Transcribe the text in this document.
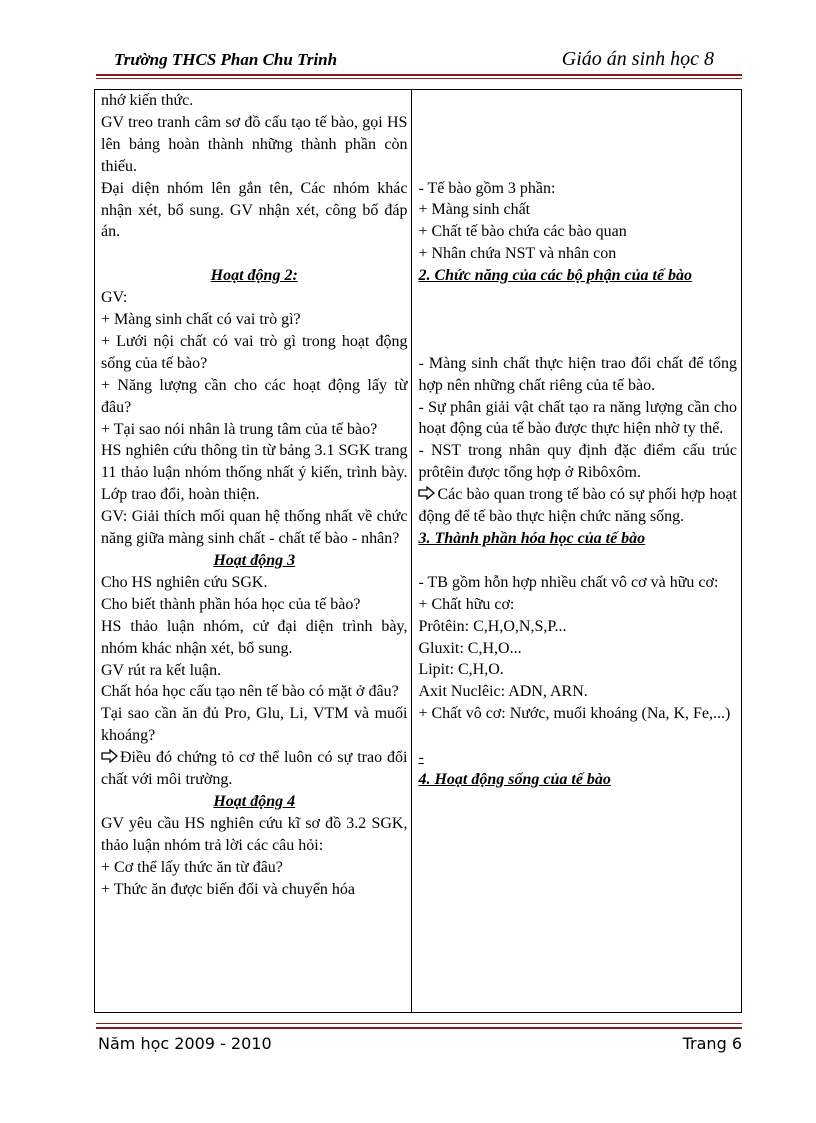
Trường THCS Phan Chu Trinh	Giáo án sinh học 8
nhớ kiến thức.
GV treo tranh câm sơ đồ cấu tạo tế bào, gọi HS lên bảng hoàn thành những thành phần còn thiếu.
Đại diện nhóm lên gắn tên, Các nhóm khác nhận xét, bổ sung. GV nhận xét, công bố đáp án.
Hoạt động 2:
GV:
+ Màng sinh chất có vai trò gì?
+ Lưới nội chất có vai trò gì trong hoạt động sống của tế bào?
+ Năng lượng cần cho các hoạt động lấy từ đâu?
+ Tại sao nói nhân là trung tâm của tế bào?
HS nghiên cứu thông tin từ bảng 3.1 SGK trang 11 thảo luận nhóm thống nhất ý kiến, trình bày. Lớp trao đổi, hoàn thiện.
GV: Giải thích mối quan hệ thống nhất về chức năng giữa màng sinh chất - chất tế bào - nhân?
Hoạt động 3
Cho HS nghiên cứu SGK.
Cho biết thành phần hóa học của tế bào?
HS thảo luận nhóm, cử đại diện trình bày, nhóm khác nhận xét, bổ sung.
GV rút ra kết luận.
Chất hóa học cấu tạo nên tế bào có mặt ở đâu?
Tại sao cần ăn đủ Pro, Glu, Li, VTM và muối khoáng?
Điều đó chứng tỏ cơ thể luôn có sự trao đổi chất với môi trường.
Hoạt động 4
GV yêu cầu HS nghiên cứu kĩ sơ đồ 3.2 SGK, thảo luận nhóm trả lời các câu hỏi:
+ Cơ thể lấy thức ăn từ đâu?
+ Thức ăn được biến đổi và chuyển hóa

- Tế bào gồm 3 phần:
+ Màng sinh chất
+ Chất tế bào chứa các bào quan
+ Nhân chứa NST và nhân con
2. Chức năng của các bộ phận của tế bào
- Màng sinh chất thực hiện trao đổi chất để tổng hợp nên những chất riêng của tế bào.
- Sự phân giải vật chất tạo ra năng lượng cần cho hoạt động của tế bào được thực hiện nhờ ty thể.
- NST trong nhân quy định đặc điểm cấu trúc prôtêin được tổng hợp ở Ribôxôm.
Các bào quan trong tế bào có sự phối hợp hoạt động để tế bào thực hiện chức năng sống.
3. Thành phần hóa học của tế bào
- TB gồm hỗn hợp nhiều chất vô cơ và hữu cơ:
+ Chất hữu cơ:
Prôtêin: C,H,O,N,S,P...
Gluxit: C,H,O...
Lipit: C,H,O.
Axit Nuclêic: ADN, ARN.
+ Chất vô cơ: Nước, muối khoáng (Na, K, Fe,...)
-
4. Hoạt động sống của tế bào
Năm học 2009 - 2010	Trang 6
